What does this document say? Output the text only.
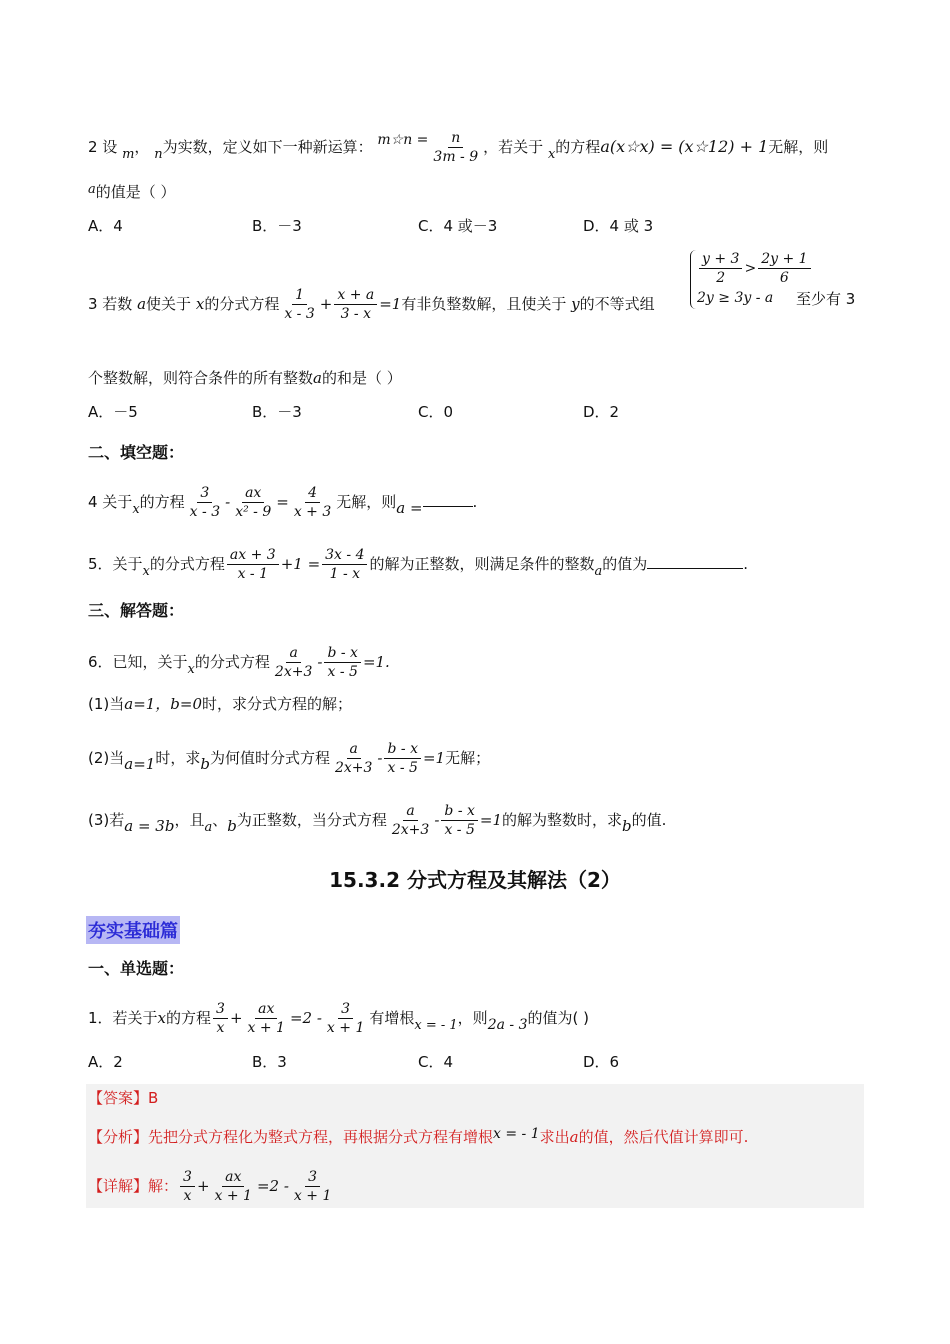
2 设 m， n为实数，定义如下一种新运算： m☆n = $\frac{n}{3m - 9}$ ，若关于 x的方程a(x☆x) = (x☆12) + 1无解，则
a的值是（ ）
A．4	B．－3	C．4 或－3	D．4 或 3
3 若数 a使关于 x的分式方程 $\frac{1}{x - 3} + \frac{x + a}{3 - x} =1$有非负整数解，且使关于 y的不等式组
$\frac{y + 3}{2} > \frac{2y + 1}{6}$
2y ≥ 3y - a	至少有 3
个整数解，则符合条件的所有整数a的和是（ ）
A．－5	B．－3	C．0	D．2
二、填空题：
4 关于x的方程 $\frac{3}{x - 3} - \frac{ax}{\text{x² - 9}} = \frac{4}{x + 3}$ 无解，则a =	.
5．关于x的分式方程 $\frac{ax + 3}{x - 1} +1 = \frac{3x - 4}{1 - x}$ 的解为正整数，则满足条件的整数a的值为	.
三、解答题：
6．已知，关于x的分式方程 $\frac{a}{2x+3} - \frac{b - x}{x - 5} =1$.
(1)当a=1，b=0时，求分式方程的解；
(2)当a=1时，求b为何值时分式方程 $\frac{a}{2x+3} - \frac{b - x}{x - 5} =1$无解；
(3)若a = 3b，且a、b为正整数，当分式方程 $\frac{a}{2x+3} - \frac{b - x}{x - 5} =1$的解为整数时，求b的值.
15.3.2 分式方程及其解法（2）
夯实基础篇
一、单选题：
1．若关于x的方程 $\frac{3}{x} + \frac{ax}{x + 1} =2 - \frac{3}{x + 1}$ 有增根x = - 1，则2a - 3的值为( )
A．2	B．3	C．4	D．6
【答案】B
【分析】先把分式方程化为整式方程，再根据分式方程有增根x = - 1求出a的值，然后代值计算即可.
【详解】解： $\frac{3}{x} + \frac{ax}{x + 1} =2 - \frac{3}{x + 1}$
